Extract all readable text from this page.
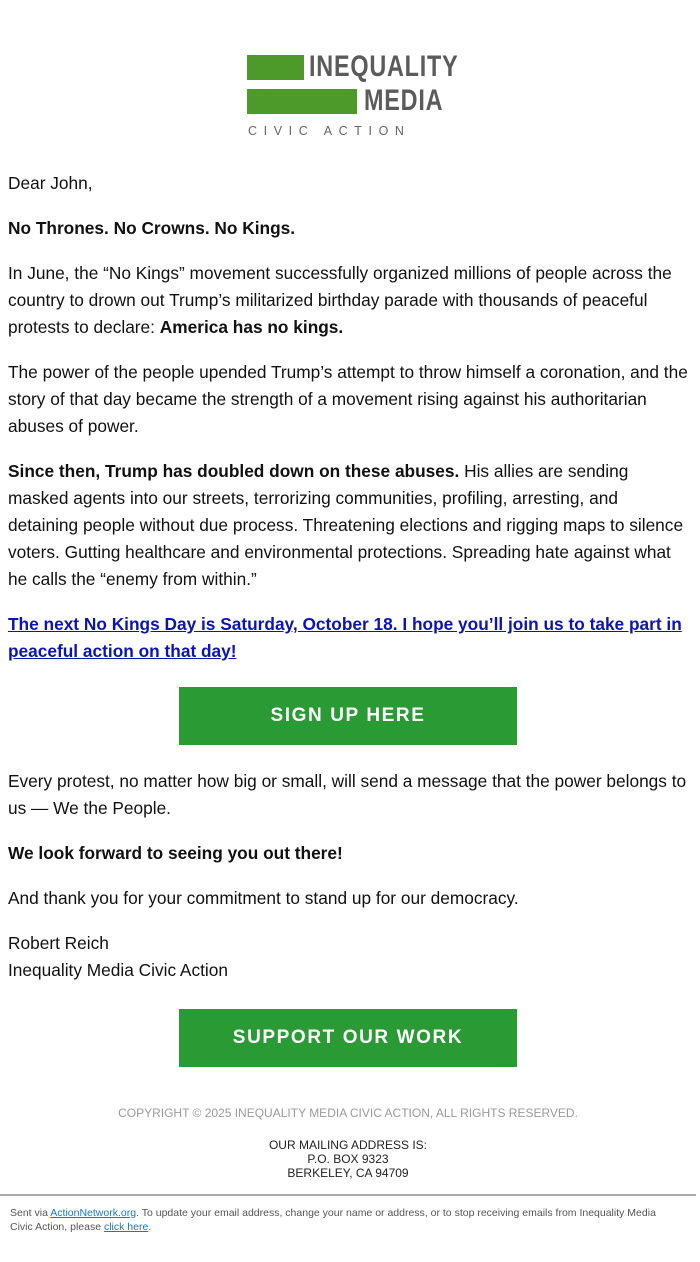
INEQUALITY
MEDIA
CIVIC ACTION

Dear John,

No Thrones. No Crowns. No Kings.

In June, the “No Kings” movement successfully organized millions of people across the country to drown out Trump’s militarized birthday parade with thousands of peaceful protests to declare: America has no kings.

The power of the people upended Trump’s attempt to throw himself a coronation, and the story of that day became the strength of a movement rising against his authoritarian abuses of power.

Since then, Trump has doubled down on these abuses. His allies are sending masked agents into our streets, terrorizing communities, profiling, arresting, and detaining people without due process. Threatening elections and rigging maps to silence voters. Gutting healthcare and environmental protections. Spreading hate against what he calls the “enemy from within.”

The next No Kings Day is Saturday, October 18. I hope you’ll join us to take part in peaceful action on that day!

SIGN UP HERE

Every protest, no matter how big or small, will send a message that the power belongs to us — We the People.

We look forward to seeing you out there!

And thank you for your commitment to stand up for our democracy.

Robert Reich
Inequality Media Civic Action

SUPPORT OUR WORK
COPYRIGHT © 2025 INEQUALITY MEDIA CIVIC ACTION, ALL RIGHTS RESERVED.
OUR MAILING ADDRESS IS:
P.O. BOX 9323
BERKELEY, CA 94709
Sent via ActionNetwork.org. To update your email address, change your name or address, or to stop receiving emails from Inequality Media Civic Action, please click here.
